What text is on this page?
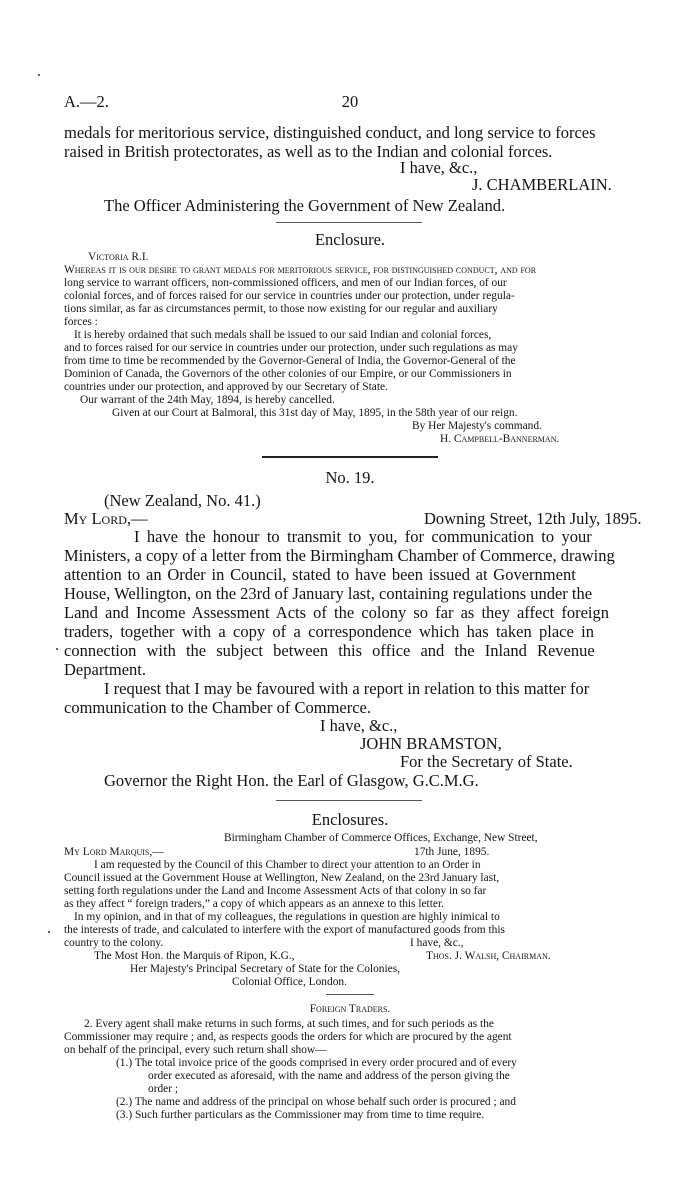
A.—2.	20
medals for meritorious service, distinguished conduct, and long service to forces
raised in British protectorates, as well as to the Indian and colonial forces.
I have, &c.,
J. CHAMBERLAIN.
The Officer Administering the Government of New Zealand.
Enclosure.
Victoria R.I.
Whereas it is our desire to grant medals for meritorious service, for distinguished conduct, and for
long service to warrant officers, non-commissioned officers, and men of our Indian forces, of our
colonial forces, and of forces raised for our service in countries under our protection, under regula-
tions similar, as far as circumstances permit, to those now existing for our regular and auxiliary
forces :
It is hereby ordained that such medals shall be issued to our said Indian and colonial forces,
and to forces raised for our service in countries under our protection, under such regulations as may
from time to time be recommended by the Governor-General of India, the Governor-General of the
Dominion of Canada, the Governors of the other colonies of our Empire, or our Commissioners in
countries under our protection, and approved by our Secretary of State.
Our warrant of the 24th May, 1894, is hereby cancelled.
Given at our Court at Balmoral, this 31st day of May, 1895, in the 58th year of our reign.
By Her Majesty's command.
H. Campbell-Bannerman.
No. 19.
(New Zealand, No. 41.)
My Lord,—	Downing Street, 12th July, 1895.
I have the honour to transmit to you, for communication to your
Ministers, a copy of a letter from the Birmingham Chamber of Commerce, drawing
attention to an Order in Council, stated to have been issued at Government
House, Wellington, on the 23rd of January last, containing regulations under the
Land and Income Assessment Acts of the colony so far as they affect foreign
traders, together with a copy of a correspondence which has taken place in
connection with the subject between this office and the Inland Revenue
Department.
I request that I may be favoured with a report in relation to this matter for
communication to the Chamber of Commerce.
I have, &c.,
JOHN BRAMSTON,
For the Secretary of State.
Governor the Right Hon. the Earl of Glasgow, G.C.M.G.
Enclosures.
Birmingham Chamber of Commerce Offices, Exchange, New Street,
My Lord Marquis,—	17th June, 1895.
I am requested by the Council of this Chamber to direct your attention to an Order in
Council issued at the Government House at Wellington, New Zealand, on the 23rd January last,
setting forth regulations under the Land and Income Assessment Acts of that colony in so far
as they affect “ foreign traders,” a copy of which appears as an annexe to this letter.
In my opinion, and in that of my colleagues, the regulations in question are highly inimical to
the interests of trade, and calculated to interfere with the export of manufactured goods from this
country to the colony.	I have, &c.,
The Most Hon. the Marquis of Ripon, K.G.,	Thos. J. Walsh, Chairman.
Her Majesty's Principal Secretary of State for the Colonies,
Colonial Office, London.
Foreign Traders.
2. Every agent shall make returns in such forms, at such times, and for such periods as the
Commissioner may require ; and, as respects goods the orders for which are procured by the agent
on behalf of the principal, every such return shall show—
(1.) The total invoice price of the goods comprised in every order procured and of every
order executed as aforesaid, with the name and address of the person giving the
order ;
(2.) The name and address of the principal on whose behalf such order is procured ; and
(3.) Such further particulars as the Commissioner may from time to time require.
